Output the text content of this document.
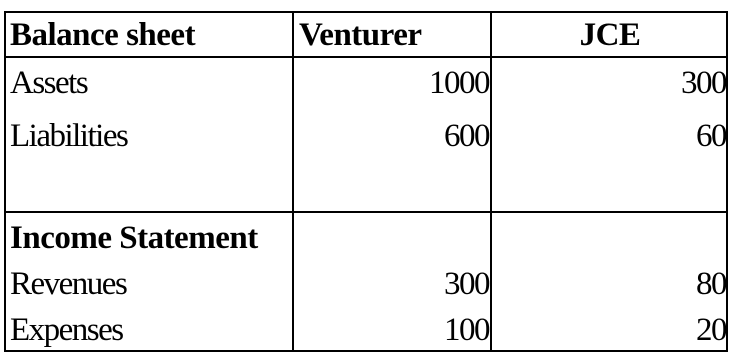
Balance sheet	Venturer	JCE
Assets	1000	300
Liabilities	600	60
Income Statement
Revenues	300	80
Expenses	100	20
